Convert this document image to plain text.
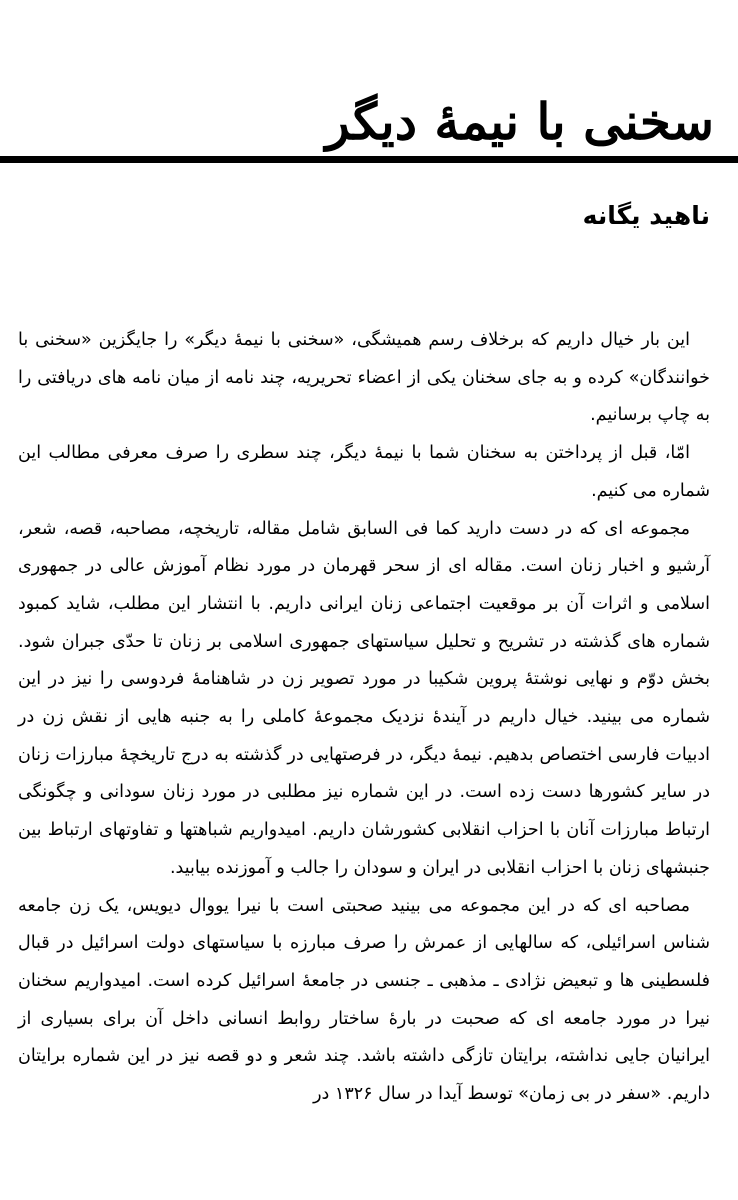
سخنی با نیمهٔ دیگر
ناهید یگانه

این بار خیال داریم که برخلاف رسم همیشگی، «سخنی با نیمهٔ دیگر» را جایگزین «سخنی با خوانندگان» کرده و به جای سخنان یکی از اعضاء تحریریه، چند نامه از میان نامه های دریافتی را به چاپ برسانیم.

امّا، قبل از پرداختن به سخنان شما با نیمهٔ دیگر، چند سطری را صرف معرفی مطالب این شماره می کنیم.

مجموعه ای که در دست دارید کما فی السابق شامل مقاله، تاریخچه، مصاحبه، قصه، شعر، آرشیو و اخبار زنان است. مقاله ای از سحر قهرمان در مورد نظام آموزش عالی در جمهوری اسلامی و اثرات آن بر موقعیت اجتماعی زنان ایرانی داریم. با انتشار این مطلب، شاید کمبود شماره های گذشته در تشریح و تحلیل سیاستهای جمهوری اسلامی بر زنان تا حدّی جبران شود. بخش دوّم و نهایی نوشتهٔ پروین شکیبا در مورد تصویر زن در شاهنامهٔ فردوسی را نیز در این شماره می بینید. خیال داریم در آیندهٔ نزدیک مجموعهٔ کاملی را به جنبه هایی از نقش زن در ادبیات فارسی اختصاص بدهیم. نیمهٔ دیگر، در فرصتهایی در گذشته به درج تاریخچهٔ مبارزات زنان در سایر کشورها دست زده است. در این شماره نیز مطلبی در مورد زنان سودانی و چگونگی ارتباط مبارزات آنان با احزاب انقلابی کشورشان داریم. امیدواریم شباهتها و تفاوتهای ارتباط بین جنبشهای زنان با احزاب انقلابی در ایران و سودان را جالب و آموزنده بیابید.

مصاحبه ای که در این مجموعه می بینید صحبتی است با نیرا یووال دیویس، یک زن جامعه شناس اسرائیلی، که سالهایی از عمرش را صرف مبارزه با سیاستهای دولت اسرائیل در قبال فلسطینی ها و تبعیض نژادی ـ مذهبی ـ جنسی در جامعهٔ اسرائیل کرده است. امیدواریم سخنان نیرا در مورد جامعه ای که صحبت در بارهٔ ساختار روابط انسانی داخل آن برای بسیاری از ایرانیان جایی نداشته، برایتان تازگی داشته باشد. چند شعر و دو قصه نیز در این شماره برایتان داریم. «سفر در بی زمان» توسط آیدا در سال ۱۳۲۶ در
